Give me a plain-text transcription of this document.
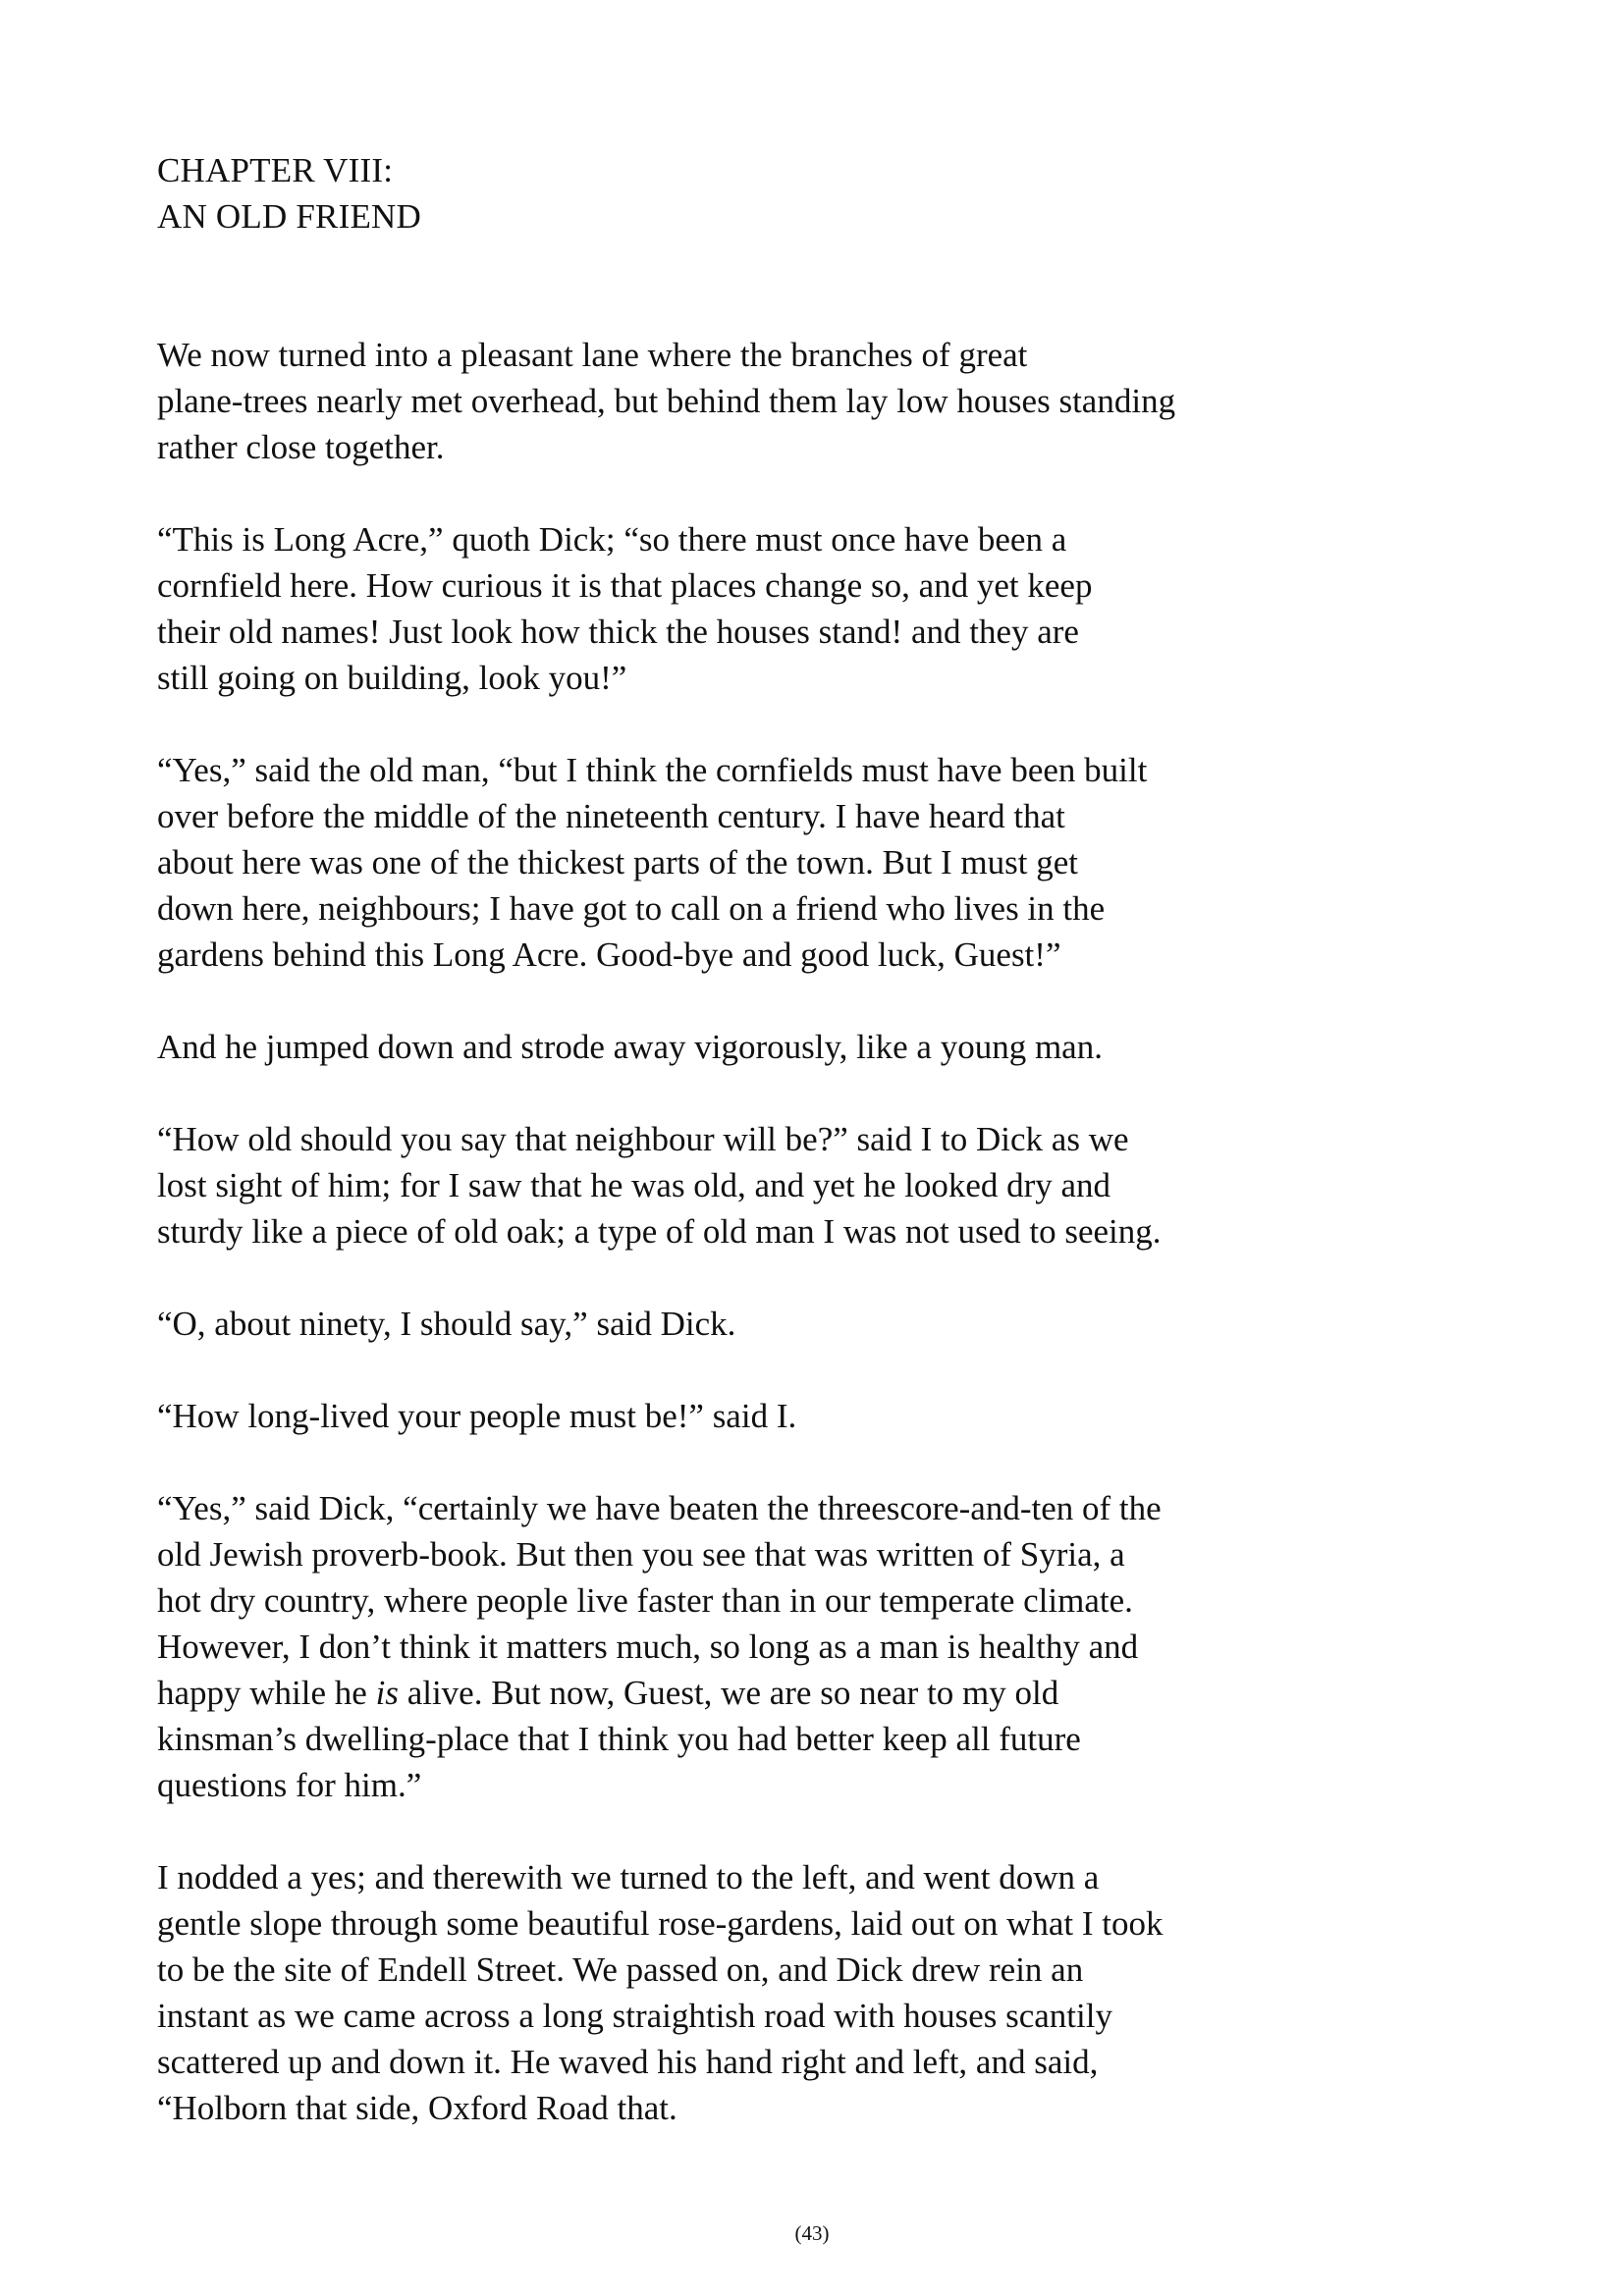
CHAPTER VIII:
AN OLD FRIEND

We now turned into a pleasant lane where the branches of great
plane-trees nearly met overhead, but behind them lay low houses standing
rather close together.

“This is Long Acre,” quoth Dick; “so there must once have been a
cornfield here. How curious it is that places change so, and yet keep
their old names! Just look how thick the houses stand! and they are
still going on building, look you!”

“Yes,” said the old man, “but I think the cornfields must have been built
over before the middle of the nineteenth century. I have heard that
about here was one of the thickest parts of the town. But I must get
down here, neighbours; I have got to call on a friend who lives in the
gardens behind this Long Acre. Good-bye and good luck, Guest!”

And he jumped down and strode away vigorously, like a young man.

“How old should you say that neighbour will be?” said I to Dick as we
lost sight of him; for I saw that he was old, and yet he looked dry and
sturdy like a piece of old oak; a type of old man I was not used to seeing.

“O, about ninety, I should say,” said Dick.

“How long-lived your people must be!” said I.

“Yes,” said Dick, “certainly we have beaten the threescore-and-ten of the
old Jewish proverb-book. But then you see that was written of Syria, a
hot dry country, where people live faster than in our temperate climate.
However, I don’t think it matters much, so long as a man is healthy and
happy while he is alive. But now, Guest, we are so near to my old
kinsman’s dwelling-place that I think you had better keep all future
questions for him.”

I nodded a yes; and therewith we turned to the left, and went down a
gentle slope through some beautiful rose-gardens, laid out on what I took
to be the site of Endell Street. We passed on, and Dick drew rein an
instant as we came across a long straightish road with houses scantily
scattered up and down it. He waved his hand right and left, and said,
“Holborn that side, Oxford Road that.

(43)
